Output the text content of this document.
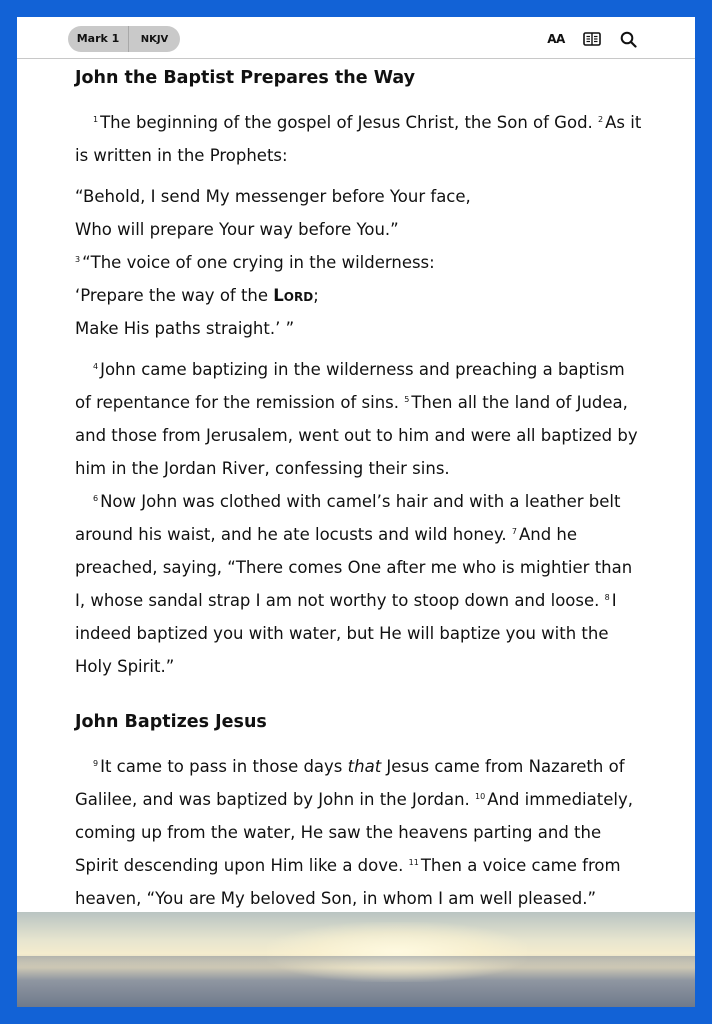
Mark 1	NKJV	AA
John the Baptist Prepares the Way

$^1$ The beginning of the gospel of Jesus Christ, the Son of God. $^2$ As it is written in the Prophets:

“Behold, I send My messenger before Your face,

Who will prepare Your way before You.”

$^3$ “The voice of one crying in the wilderness:

‘Prepare the way of the Lord;

Make His paths straight.’ ”

$^4$ John came baptizing in the wilderness and preaching a baptism of repentance for the remission of sins. $^5$ Then all the land of Judea, and those from Jerusalem, went out to him and were all baptized by him in the Jordan River, confessing their sins.

$^6$ Now John was clothed with camel’s hair and with a leather belt around his waist, and he ate locusts and wild honey. $^7$ And he preached, saying, “There comes One after me who is mightier than I, whose sandal strap I am not worthy to stoop down and loose. $^8$ I indeed baptized you with water, but He will baptize you with the Holy Spirit.”

John Baptizes Jesus

$^9$ It came to pass in those days that Jesus came from Nazareth of Galilee, and was baptized by John in the Jordan. $^{10}$ And immediately, coming up from the water, He saw the heavens parting and the Spirit descending upon Him like a dove. $^{11}$ Then a voice came from heaven, “You are My beloved Son, in whom I am well pleased.”
